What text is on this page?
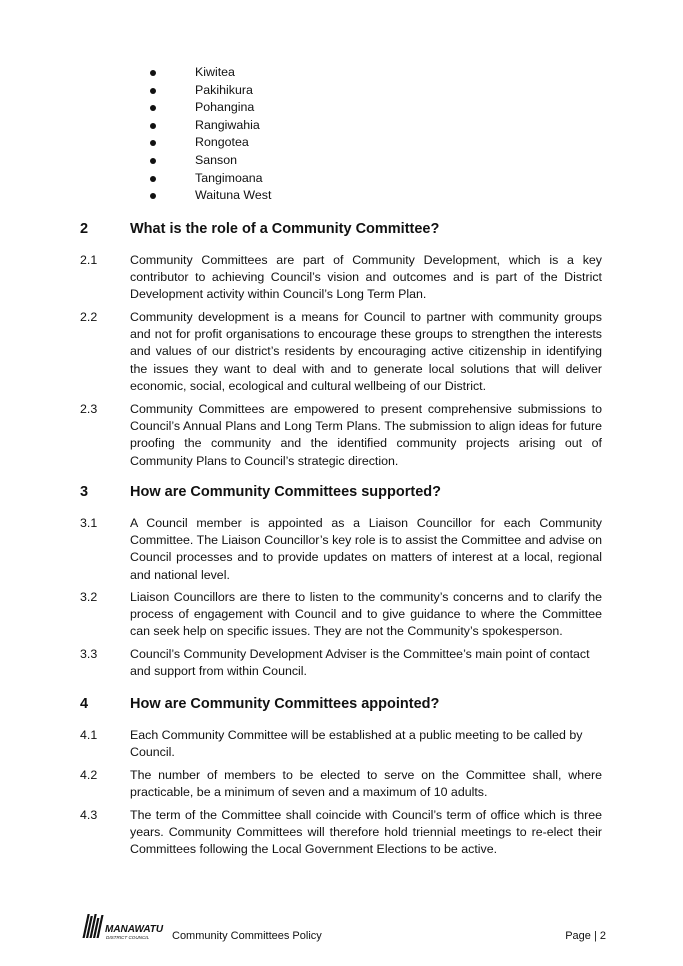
Kiwitea
Pakihikura
Pohangina
Rangiwahia
Rongotea
Sanson
Tangimoana
Waituna West
2	What is the role of a Community Committee?
2.1	Community Committees are part of Community Development, which is a key contributor to achieving Council’s vision and outcomes and is part of the District Development activity within Council’s Long Term Plan.
2.2	Community development is a means for Council to partner with community groups and not for profit organisations to encourage these groups to strengthen the interests and values of our district’s residents by encouraging active citizenship in identifying the issues they want to deal with and to generate local solutions that will deliver economic, social, ecological and cultural wellbeing of our District.
2.3	Community Committees are empowered to present comprehensive submissions to Council’s Annual Plans and Long Term Plans. The submission to align ideas for future proofing the community and the identified community projects arising out of Community Plans to Council’s strategic direction.
3	How are Community Committees supported?
3.1	A Council member is appointed as a Liaison Councillor for each Community Committee. The Liaison Councillor’s key role is to assist the Committee and advise on Council processes and to provide updates on matters of interest at a local, regional and national level.
3.2	Liaison Councillors are there to listen to the community’s concerns and to clarify the process of engagement with Council and to give guidance to where the Committee can seek help on specific issues. They are not the Community’s spokesperson.
3.3	Council’s Community Development Adviser is the Committee’s main point of contact and support from within Council.
4	How are Community Committees appointed?
4.1	Each Community Committee will be established at a public meeting to be called by Council.
4.2	The number of members to be elected to serve on the Committee shall, where practicable, be a minimum of seven and a maximum of 10 adults.
4.3	The term of the Committee shall coincide with Council’s term of office which is three years. Community Committees will therefore hold triennial meetings to re-elect their Committees following the Local Government Elections to be active.
MANAWATU
DISTRICT COUNCIL Community Committees Policy	Page | 2
